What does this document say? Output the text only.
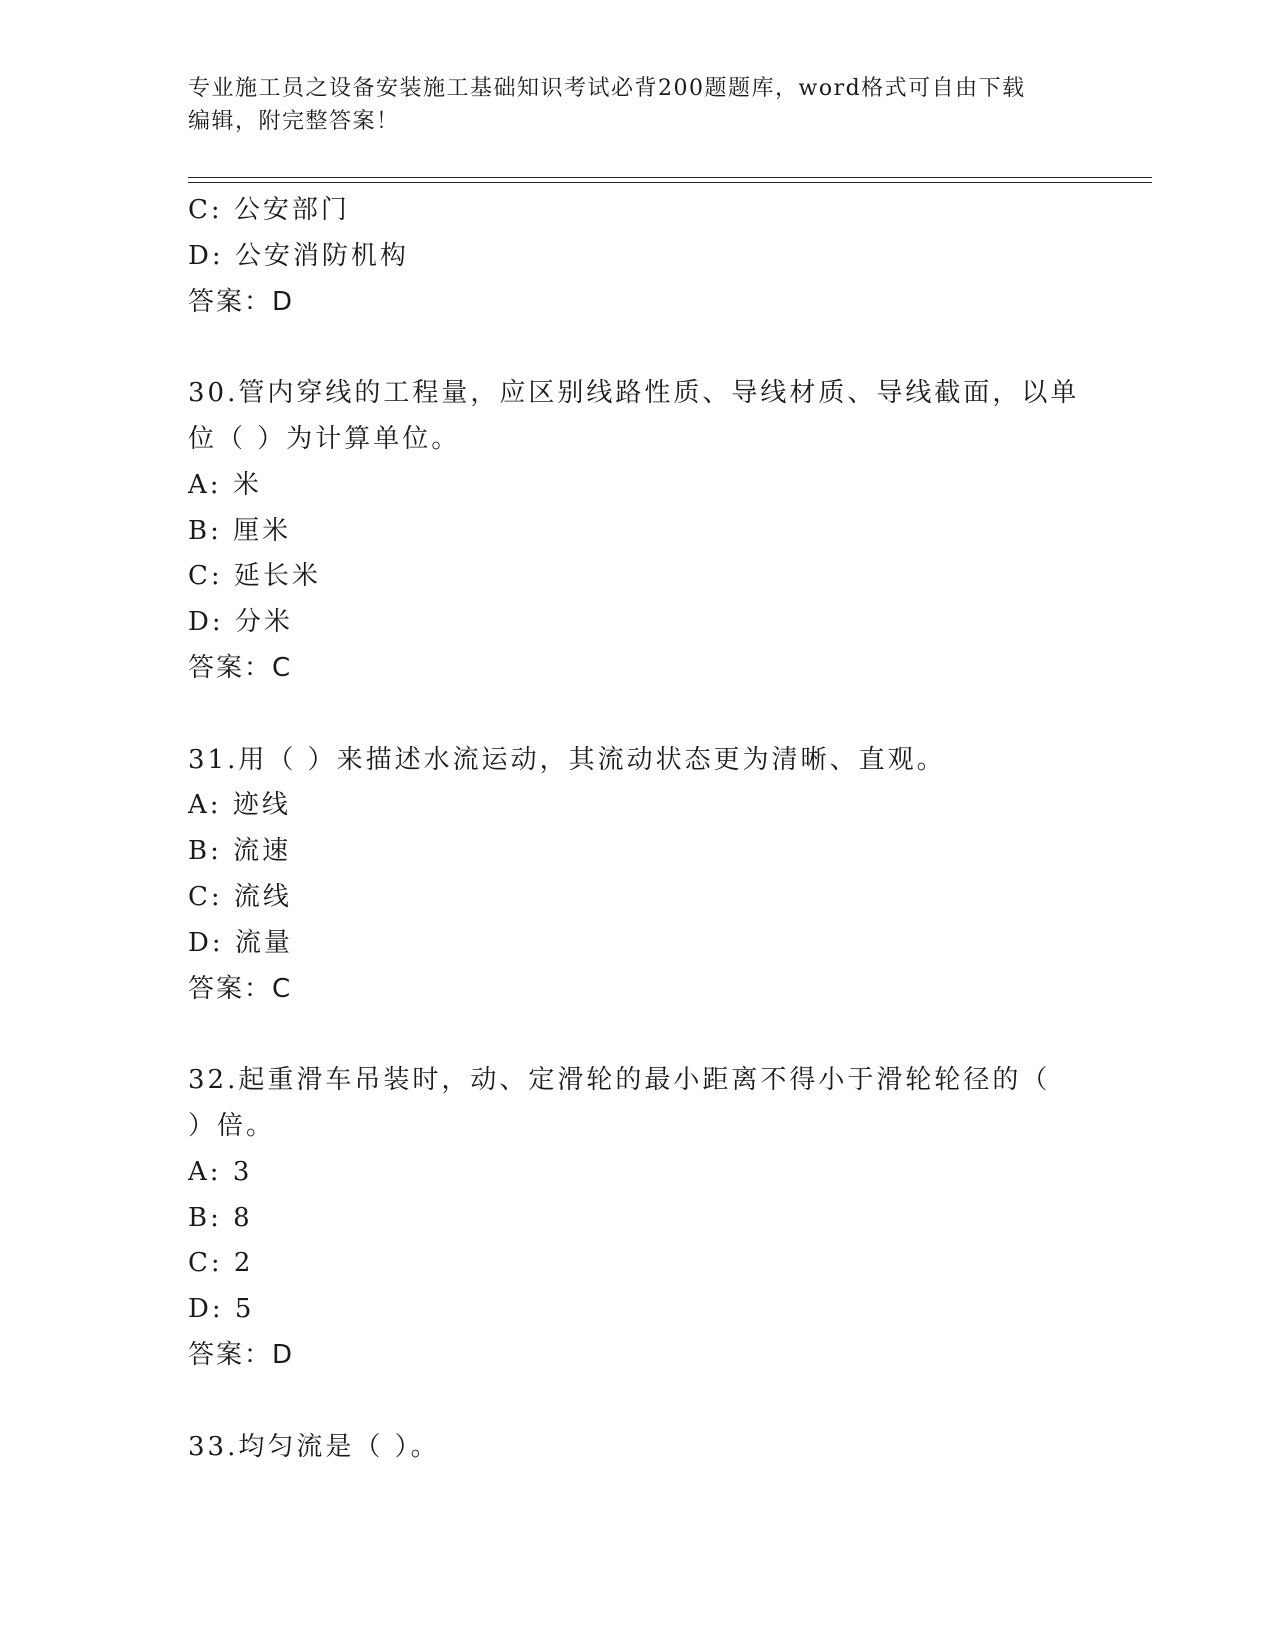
专业施工员之设备安装施工基础知识考试必背200题题库，word格式可自由下载
编辑，附完整答案！
C: 公安部门
D: 公安消防机构
答案：D
30.管内穿线的工程量，应区别线路性质、导线材质、导线截面，以单
位（ ）为计算单位。
A: 米
B: 厘米
C: 延长米
D: 分米
答案：C
31.用（ ）来描述水流运动，其流动状态更为清晰、直观。
A: 迹线
B: 流速
C: 流线
D: 流量
答案：C
32.起重滑车吊装时，动、定滑轮的最小距离不得小于滑轮轮径的（
）倍。
A: 3
B: 8
C: 2
D: 5
答案：D
33.均匀流是（ ）。
